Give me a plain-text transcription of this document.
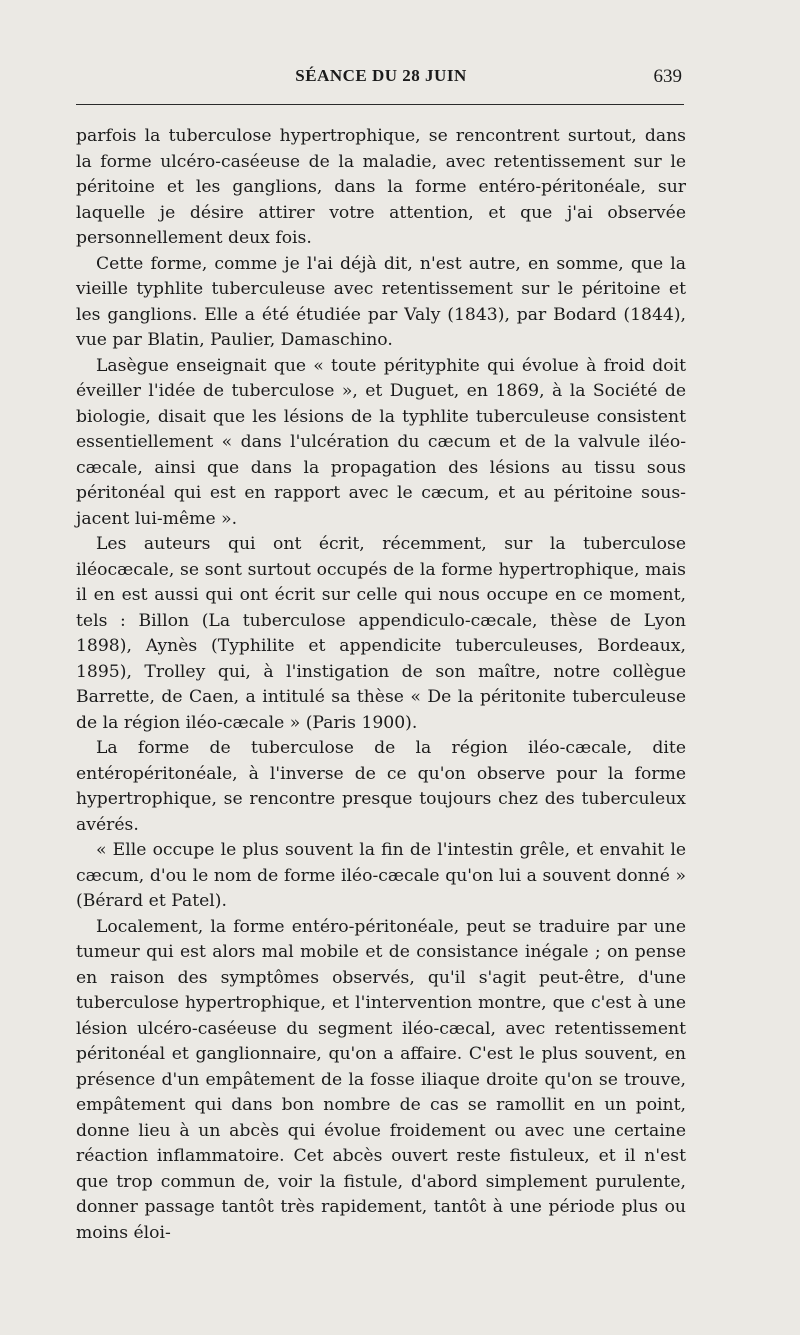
SÉANCE DU 28 JUIN	639

parfois la tuberculose hypertrophique, se rencontrent surtout, dans la forme ulcéro-caséeuse de la maladie, avec retentissement sur le péritoine et les ganglions, dans la forme entéro-péritonéale, sur laquelle je désire attirer votre attention, et que j'ai observée personnellement deux fois.

Cette forme, comme je l'ai déjà dit, n'est autre, en somme, que la vieille typhlite tuberculeuse avec retentissement sur le péritoine et les ganglions. Elle a été étudiée par Valy (1843), par Bodard (1844), vue par Blatin, Paulier, Damaschino.

Lasègue enseignait que « toute pérityphite qui évolue à froid doit éveiller l'idée de tuberculose », et Duguet, en 1869, à la Société de biologie, disait que les lésions de la typhlite tuberculeuse consistent essentiellement « dans l'ulcération du cæcum et de la valvule iléo-cæcale, ainsi que dans la propagation des lésions au tissu sous péritonéal qui est en rapport avec le cæcum, et au péritoine sous-jacent lui-même ».

Les auteurs qui ont écrit, récemment, sur la tuberculose iléocæcale, se sont surtout occupés de la forme hypertrophique, mais il en est aussi qui ont écrit sur celle qui nous occupe en ce moment, tels : Billon (La tuberculose appendiculo-cæcale, thèse de Lyon 1898), Aynès (Typhilite et appendicite tuberculeuses, Bordeaux, 1895), Trolley qui, à l'instigation de son maître, notre collègue Barrette, de Caen, a intitulé sa thèse « De la péritonite tuberculeuse de la région iléo-cæcale » (Paris 1900).

La forme de tuberculose de la région iléo-cæcale, dite entéropéritonéale, à l'inverse de ce qu'on observe pour la forme hypertrophique, se rencontre presque toujours chez des tuberculeux avérés.

« Elle occupe le plus souvent la fin de l'intestin grêle, et envahit le cæcum, d'ou le nom de forme iléo-cæcale qu'on lui a souvent donné » (Bérard et Patel).

Localement, la forme entéro-péritonéale, peut se traduire par une tumeur qui est alors mal mobile et de consistance inégale ; on pense en raison des symptômes observés, qu'il s'agit peut-être, d'une tuberculose hypertrophique, et l'intervention montre, que c'est à une lésion ulcéro-caséeuse du segment iléo-cæcal, avec retentissement péritonéal et ganglionnaire, qu'on a affaire. C'est le plus souvent, en présence d'un empâtement de la fosse iliaque droite qu'on se trouve, empâtement qui dans bon nombre de cas se ramollit en un point, donne lieu à un abcès qui évolue froidement ou avec une certaine réaction inflammatoire. Cet abcès ouvert reste fistuleux, et il n'est que trop commun de, voir la fistule, d'abord simplement purulente, donner passage tantôt très rapidement, tantôt à une période plus ou moins éloi-
